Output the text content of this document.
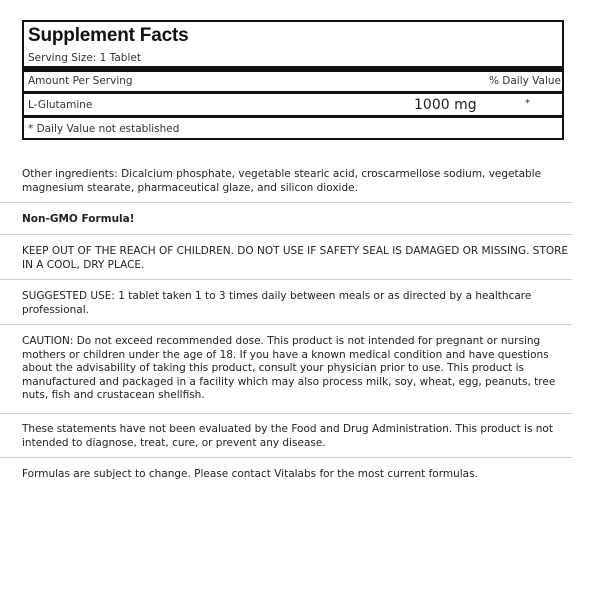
Supplement Facts
Serving Size: 1 Tablet
Amount Per Serving	% Daily Value
L-Glutamine	1000 mg	*
* Daily Value not established
Other ingredients: Dicalcium phosphate, vegetable stearic acid, croscarmellose sodium, vegetable magnesium stearate, pharmaceutical glaze, and silicon dioxide.
Non-GMO Formula!
KEEP OUT OF THE REACH OF CHILDREN. DO NOT USE IF SAFETY SEAL IS DAMAGED OR MISSING. STORE IN A COOL, DRY PLACE.
SUGGESTED USE: 1 tablet taken 1 to 3 times daily between meals or as directed by a healthcare professional.
CAUTION: Do not exceed recommended dose. This product is not intended for pregnant or nursing mothers or children under the age of 18. If you have a known medical condition and have questions about the advisability of taking this product, consult your physician prior to use. This product is manufactured and packaged in a facility which may also process milk, soy, wheat, egg, peanuts, tree nuts, fish and crustacean shellfish.
These statements have not been evaluated by the Food and Drug Administration. This product is not intended to diagnose, treat, cure, or prevent any disease.
Formulas are subject to change. Please contact Vitalabs for the most current formulas.
